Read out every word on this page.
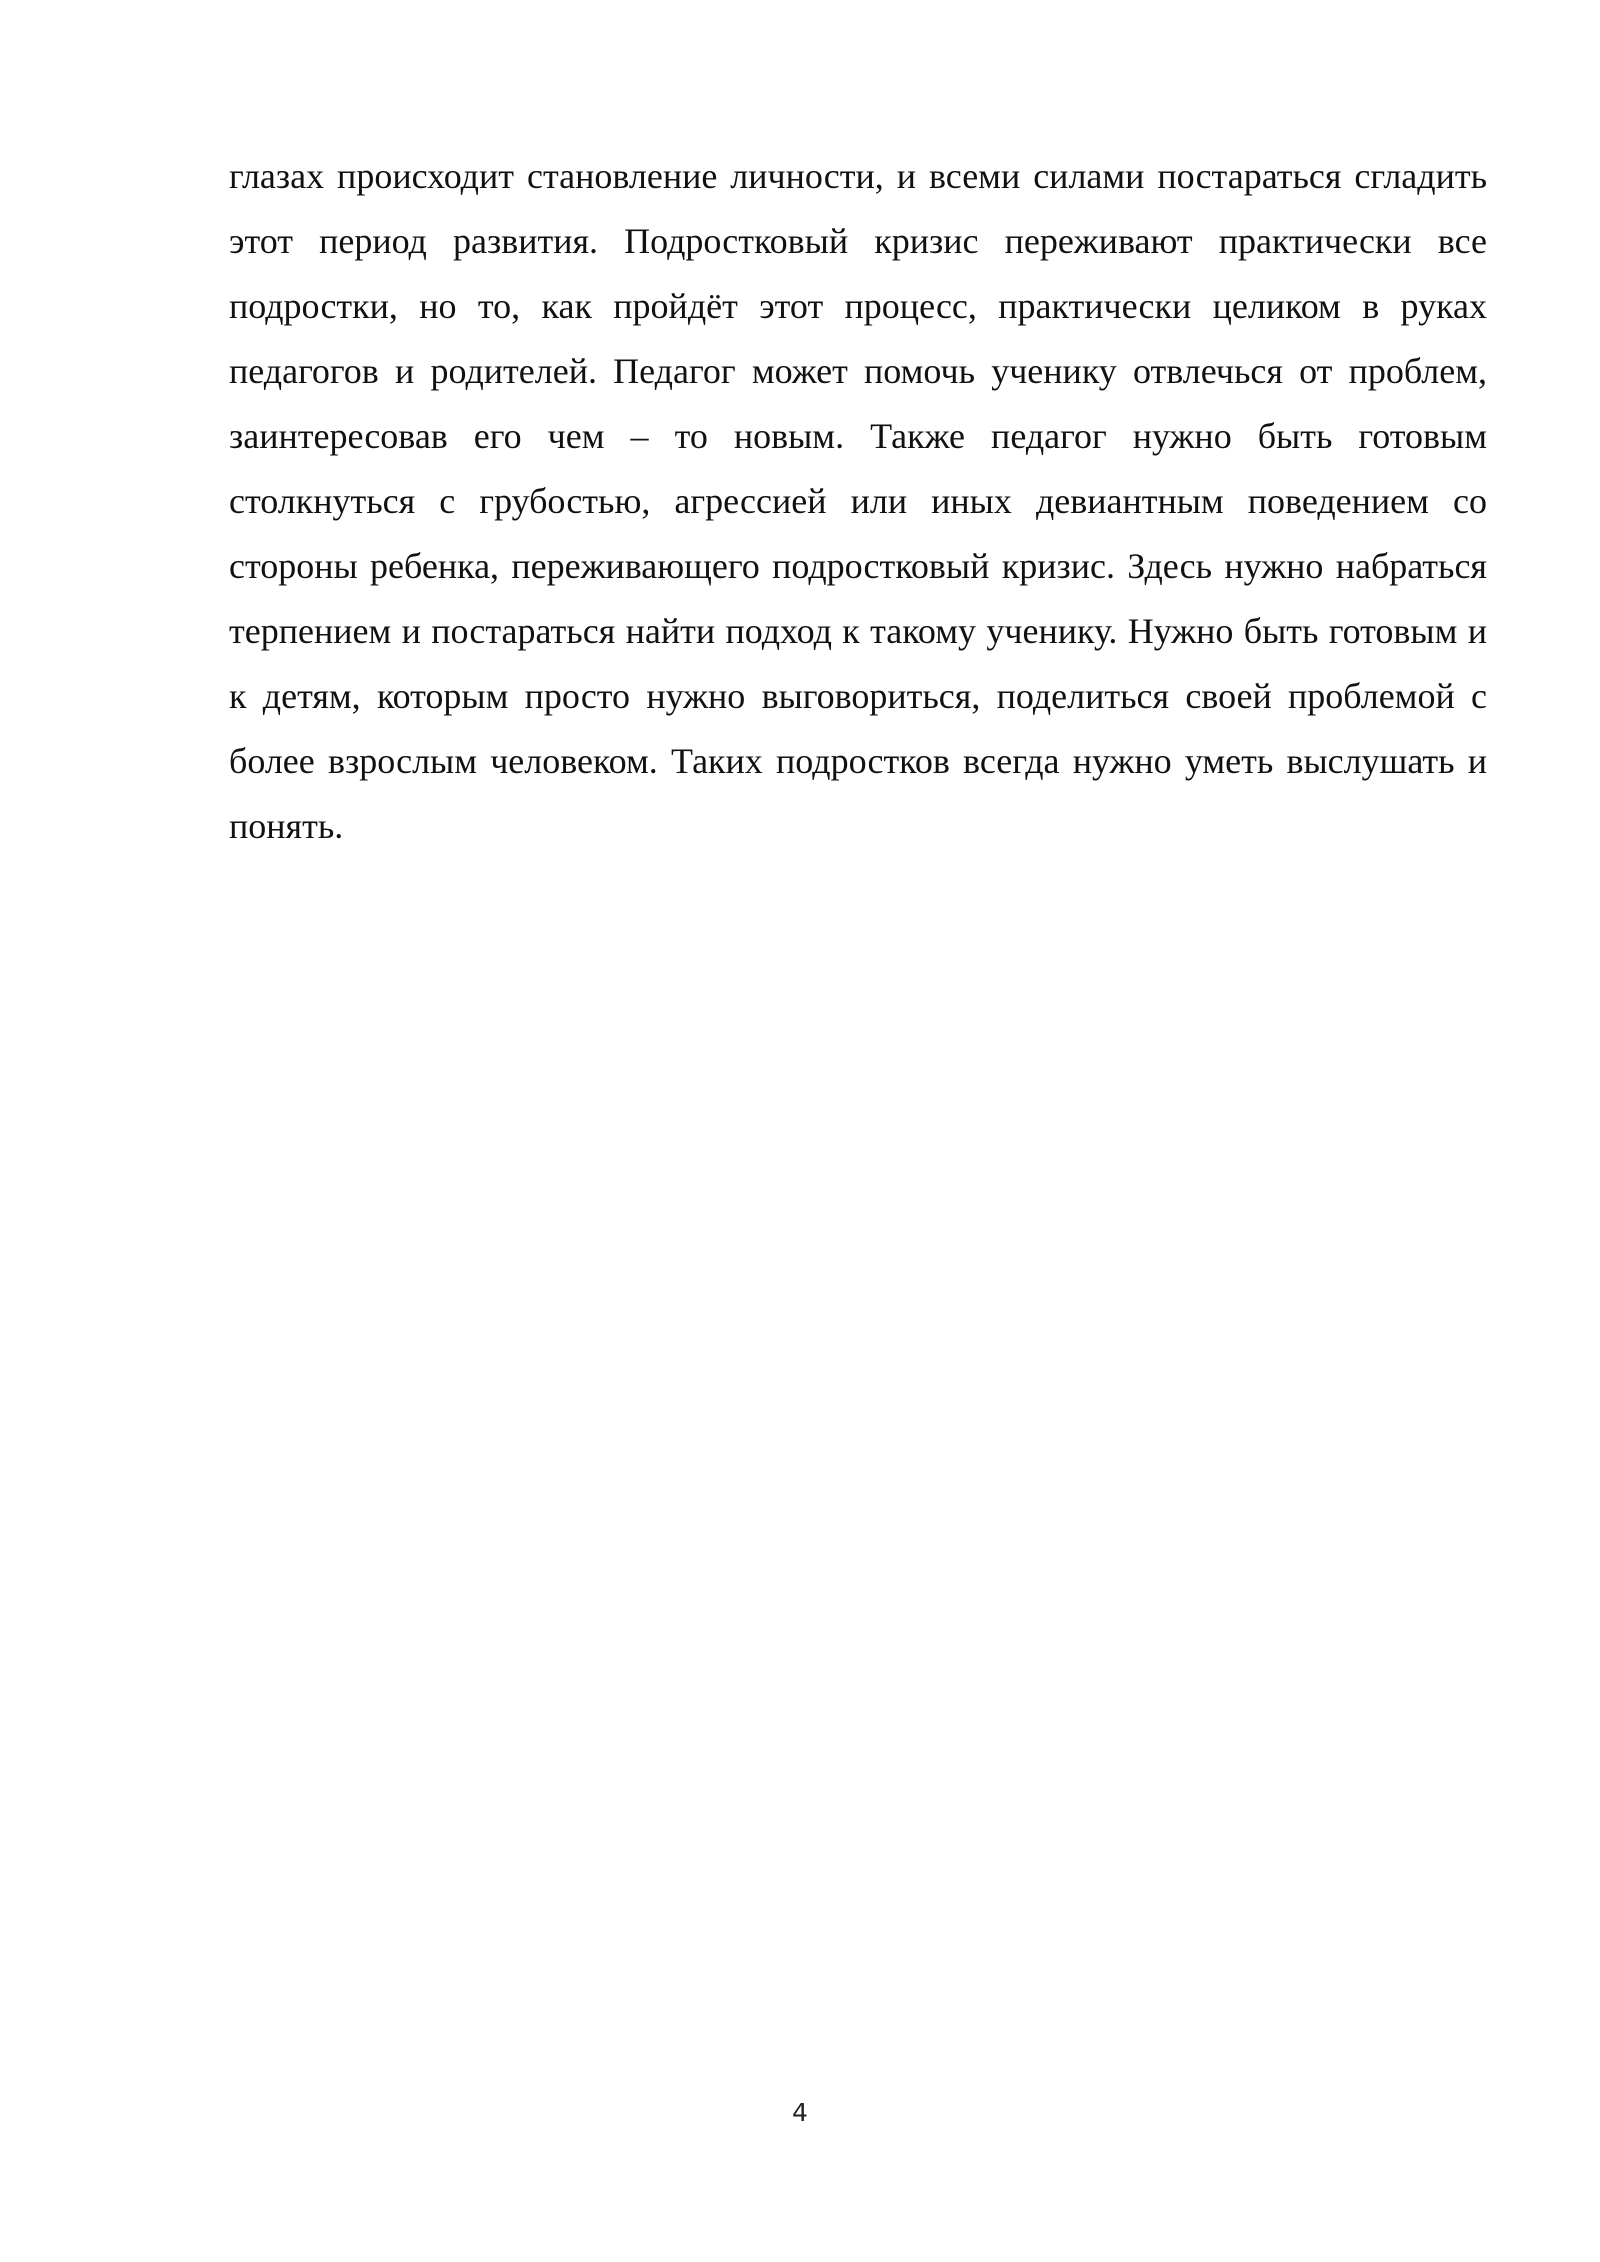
глазах происходит становление личности, и всеми силами постараться сгладить этот период развития. Подростковый кризис переживают практически все подростки, но то, как пройдёт этот процесс, практически целиком в руках педагогов и родителей. Педагог может помочь ученику отвлечься от проблем, заинтересовав его чем – то новым. Также педагог нужно быть готовым столкнуться с грубостью, агрессией или иных девиантным поведением со стороны ребенка, переживающего подростковый кризис. Здесь нужно набраться терпением и постараться найти подход к такому ученику. Нужно быть готовым и к детям, которым просто нужно выговориться, поделиться своей проблемой с более взрослым человеком. Таких подростков всегда нужно уметь выслушать и понять.

4
